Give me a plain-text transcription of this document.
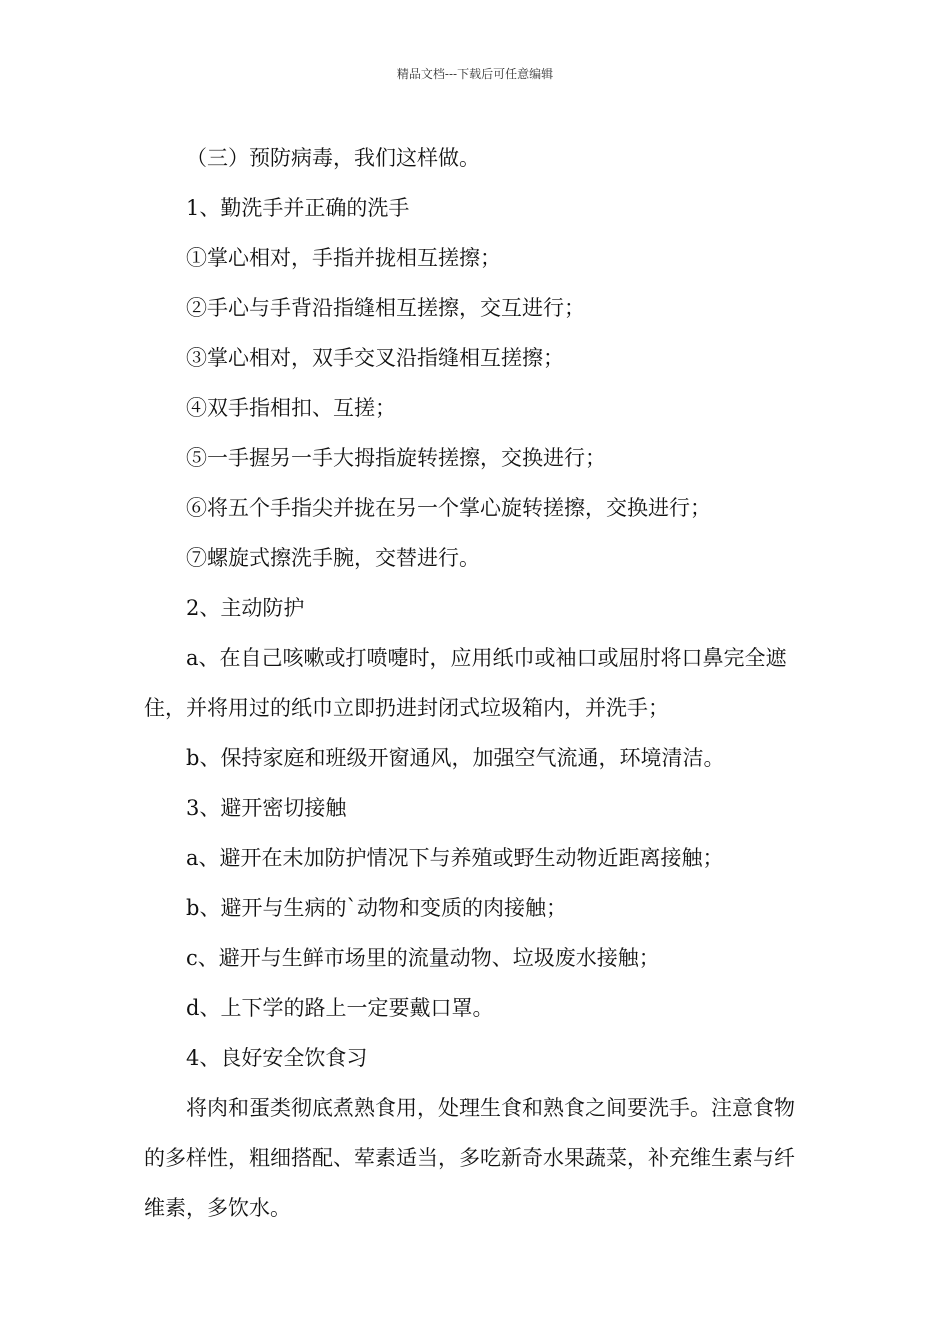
精品文档---下载后可任意编辑

（三）预防病毒，我们这样做。

1、勤洗手并正确的洗手

①掌心相对，手指并拢相互搓擦；

②手心与手背沿指缝相互搓擦，交互进行；

③掌心相对，双手交叉沿指缝相互搓擦；

④双手指相扣、互搓；

⑤一手握另一手大拇指旋转搓擦，交换进行；

⑥将五个手指尖并拢在另一个掌心旋转搓擦，交换进行；

⑦螺旋式擦洗手腕，交替进行。

2、主动防护

a、在自己咳嗽或打喷嚏时，应用纸巾或袖口或屈肘将口鼻完全遮住，并将用过的纸巾立即扔进封闭式垃圾箱内，并洗手；

b、保持家庭和班级开窗通风，加强空气流通，环境清洁。

3、避开密切接触

a、避开在未加防护情况下与养殖或野生动物近距离接触；

b、避开与生病的`动物和变质的肉接触；

c、避开与生鲜市场里的流量动物、垃圾废水接触；

d、上下学的路上一定要戴口罩。

4、良好安全饮食习

将肉和蛋类彻底煮熟食用，处理生食和熟食之间要洗手。注意食物的多样性，粗细搭配、荤素适当，多吃新奇水果蔬菜，补充维生素与纤维素，多饮水。
